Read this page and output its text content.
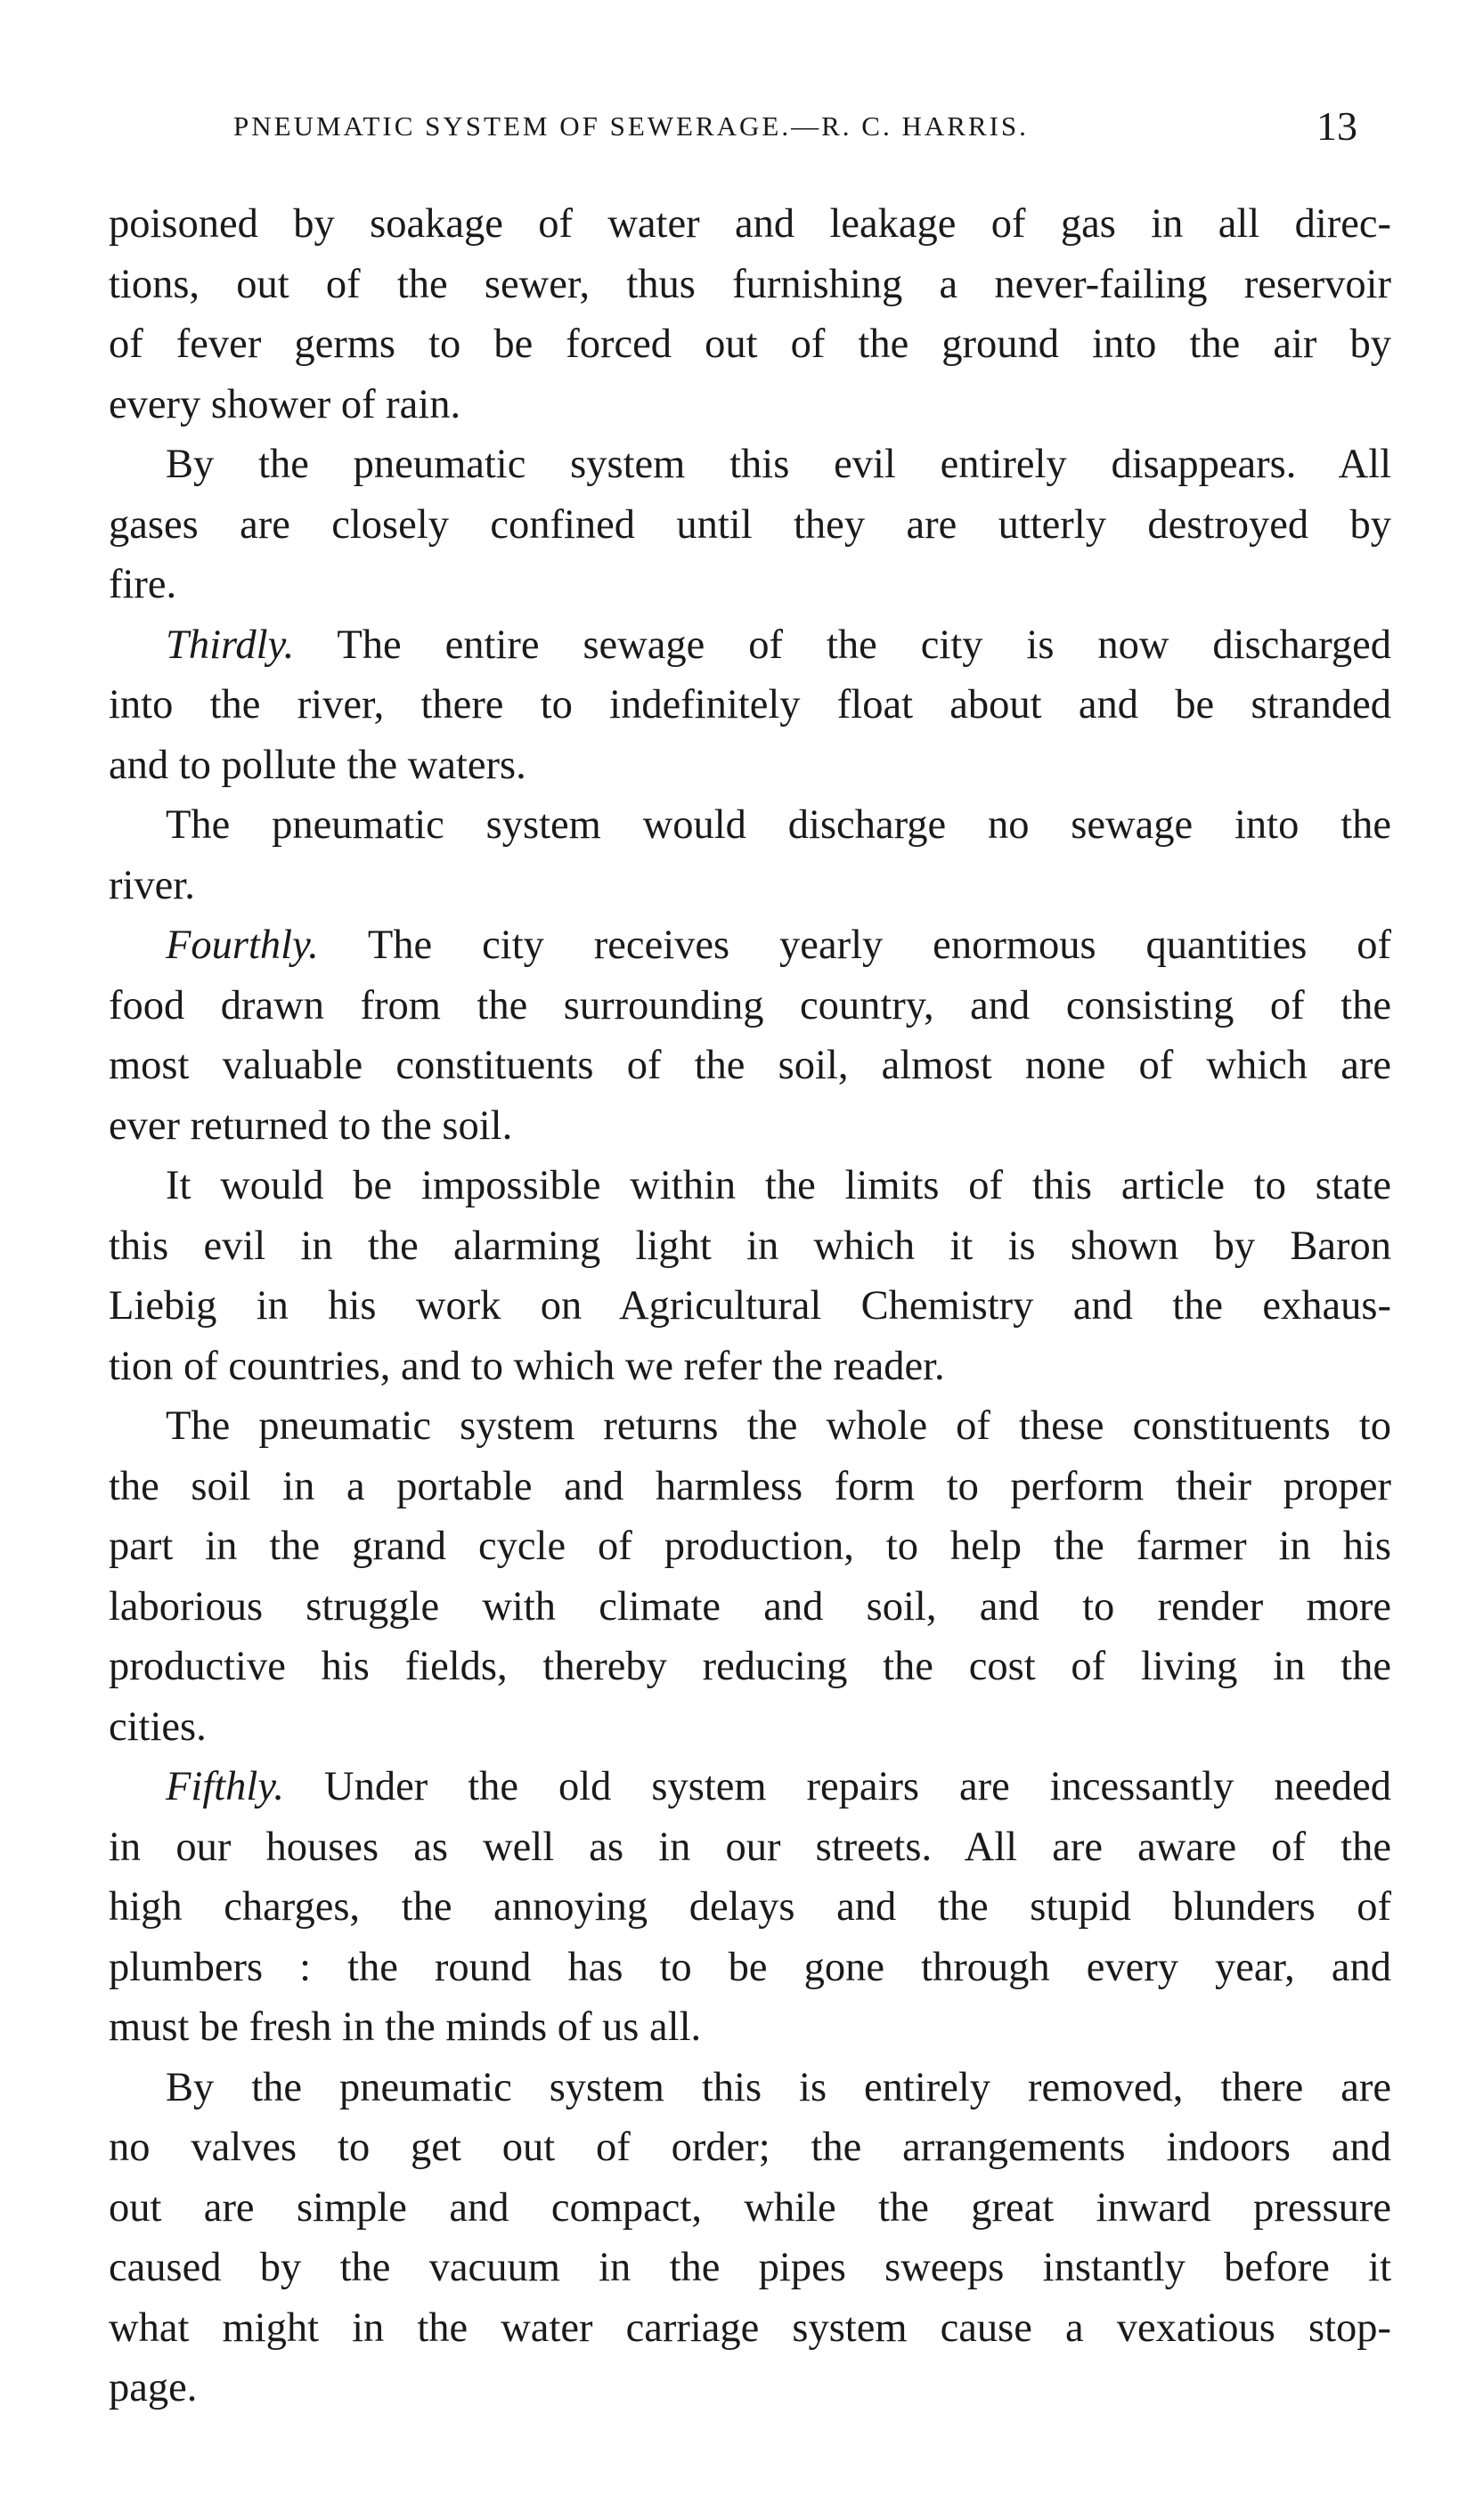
PNEUMATIC SYSTEM OF SEWERAGE.—R. C. HARRIS.	13
poisoned by soakage of water and leakage of gas in all direc-
tions, out of the sewer, thus furnishing a never-failing reservoir
of fever germs to be forced out of the ground into the air by
every shower of rain.
By the pneumatic system this evil entirely disappears. All
gases are closely confined until they are utterly destroyed by
fire.
Thirdly. The entire sewage of the city is now discharged
into the river, there to indefinitely float about and be stranded
and to pollute the waters.
The pneumatic system would discharge no sewage into the
river.
Fourthly. The city receives yearly enormous quantities of
food drawn from the surrounding country, and consisting of the
most valuable constituents of the soil, almost none of which are
ever returned to the soil.
It would be impossible within the limits of this article to state
this evil in the alarming light in which it is shown by Baron
Liebig in his work on Agricultural Chemistry and the exhaus-
tion of countries, and to which we refer the reader.
The pneumatic system returns the whole of these constituents to
the soil in a portable and harmless form to perform their proper
part in the grand cycle of production, to help the farmer in his
laborious struggle with climate and soil, and to render more
productive his fields, thereby reducing the cost of living in the
cities.
Fifthly. Under the old system repairs are incessantly needed
in our houses as well as in our streets. All are aware of the
high charges, the annoying delays and the stupid blunders of
plumbers : the round has to be gone through every year, and
must be fresh in the minds of us all.
By the pneumatic system this is entirely removed, there are
no valves to get out of order; the arrangements indoors and
out are simple and compact, while the great inward pressure
caused by the vacuum in the pipes sweeps instantly before it
what might in the water carriage system cause a vexatious stop-
page.
